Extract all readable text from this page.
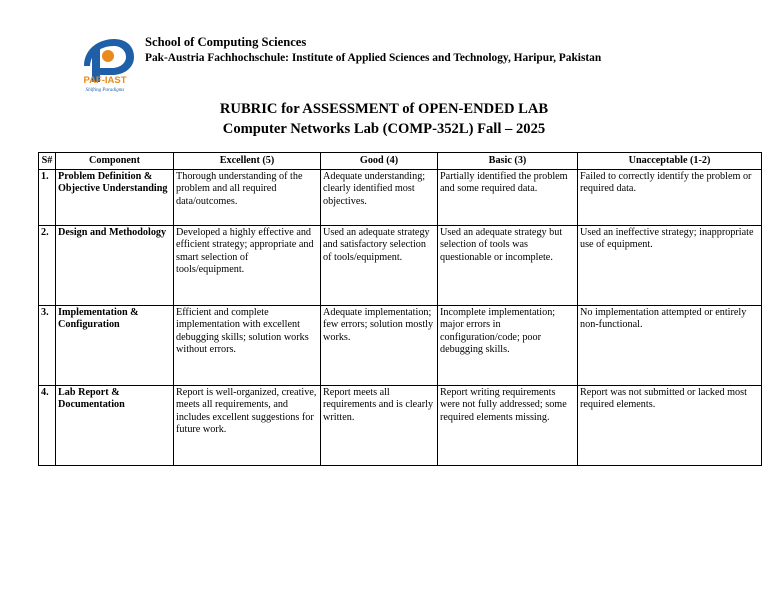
PAF-IAST
Shifting Paradigms
School of Computing Sciences
Pak-Austria Fachhochschule: Institute of Applied Sciences and Technology, Haripur, Pakistan
RUBRIC for ASSESSMENT of OPEN-ENDED LAB
Computer Networks Lab (COMP-352L) Fall – 2025
S#	Component	Excellent (5)	Good (4)	Basic (3)	Unacceptable (1-2)
1.	Problem Definition & Objective Understanding	Thorough understanding of the problem and all required data/outcomes.	Adequate understanding; clearly identified most objectives.	Partially identified the problem and some required data.	Failed to correctly identify the problem or required data.
2.	Design and Methodology	Developed a highly effective and efficient strategy; appropriate and smart selection of tools/equipment.	Used an adequate strategy and satisfactory selection of tools/equipment.	Used an adequate strategy but selection of tools was questionable or incomplete.	Used an ineffective strategy; inappropriate use of equipment.
3.	Implementation & Configuration	Efficient and complete implementation with excellent debugging skills; solution works without errors.	Adequate implementation; few errors; solution mostly works.	Incomplete implementation; major errors in configuration/code; poor debugging skills.	No implementation attempted or entirely non-functional.
4.	Lab Report & Documentation	Report is well-organized, creative, meets all requirements, and includes excellent suggestions for future work.	Report meets all requirements and is clearly written.	Report writing requirements were not fully addressed; some required elements missing.	Report was not submitted or lacked most required elements.
